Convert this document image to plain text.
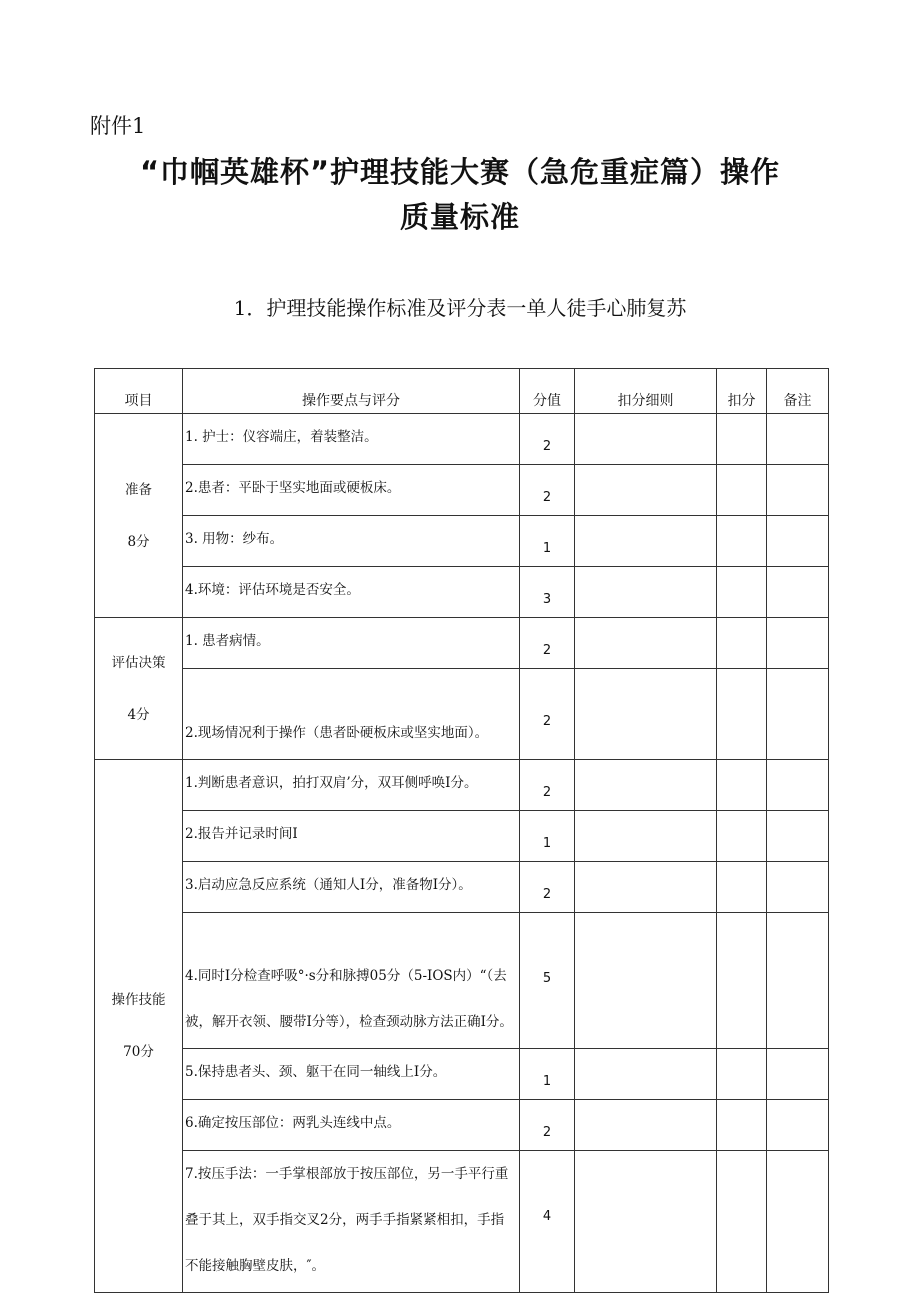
附件1
“巾帼英雄杯”护理技能大赛（急危重症篇）操作
质量标准
1．护理技能操作标准及评分表一单人徒手心肺复苏
项目	操作要点与评分	分值	扣分细则	扣分	备注

准备
8分	1. 护士：仪容端庄，着装整洁。	2			
	2.患者：平卧于坚实地面或硬板床。	2			
	3. 用物：纱布。	1			
	4.环境：评估环境是否安全。	3			

评估决策
4分	1. 患者病情。	2			
	2.现场情况利于操作（患者卧硬板床或坚实地面）。	2			

操作技能
70分	1.判断患者意识，拍打双肩’分，双耳侧呼唤I分。	2			
	2.报告并记录时间I	1			
	3.启动应急反应系统（通知人I分，准备物I分）。	2			
	4.同时I分检查呼吸°·s分和脉搏05分（5-IOS内）“（去被，解开衣领、腰带I分等），检查颈动脉方法正确I分。	5			
	5.保持患者头、颈、躯干在同一轴线上I分。	1			
	6.确定按压部位：两乳头连线中点。	2			
	7.按压手法：一手掌根部放于按压部位，另一手平行重叠于其上，双手指交叉2分，两手手指紧紧相扣，手指不能接触胸壁皮肤，″。	4			
